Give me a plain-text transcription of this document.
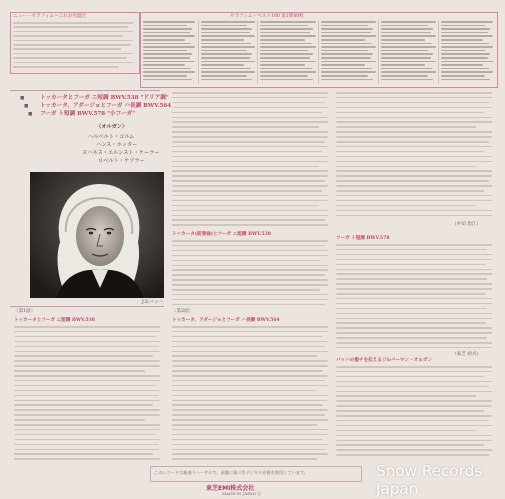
ニュー・セラフィム〜これが名盤だ	セラフィム・ベスト100 第1期80枚
トッカータとフーガ ニ短調 BWV.538 "ドリア調"
トッカータ、アダージョとフーガ ハ長調 BWV.564
フーガ ト短調 BWV.578 "小フーガ"
■
■
■
〈オルガン〉
ヘルベルト・コルム
ハンス・ホッター
ヨハネス・エルンスト・ケーラー
ロベルト・ケブラー
J.S.バッハ
〈第1面〉
トッカータとフーガ ニ短調 BWV.538
トッカータ(前奏曲)とフーガ ニ短調 BWV.538
〈第2面〉
トッカータ、アダージョとフーガ ハ長調 BWV.564
フーガ ト短調 BWV.578
（中司 治江）
（東芝 初夫）
バッハの聖チを伝えるジルバーマン・オルガン
このレコードは新曲リハーサルで、原盤に基づきデジタル音源を使用しています。
東芝EMI株式会社
MADE IN JAPAN ⓐ
Snow Records Japan
